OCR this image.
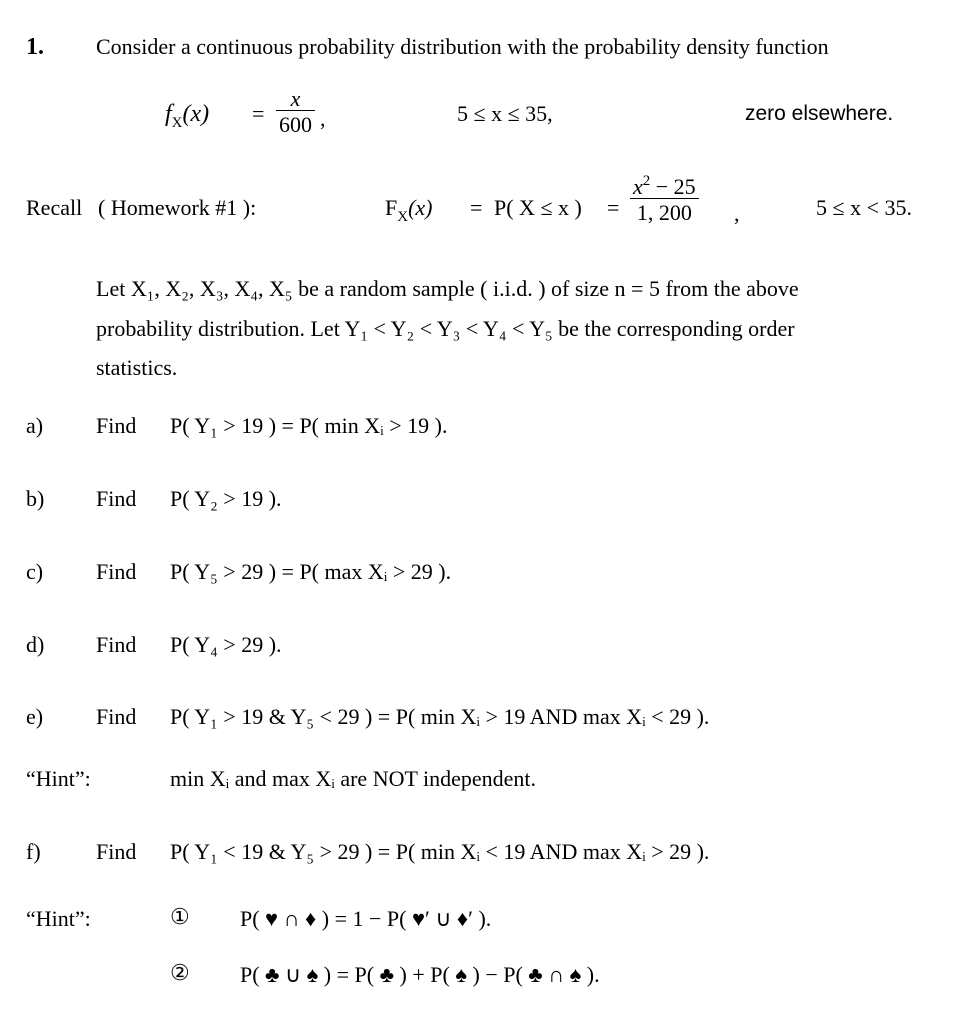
1. Consider a continuous probability distribution with the probability density function
$f_X(x) = \frac{x}{600}$ ,	5 ≤ x ≤ 35,	zero elsewhere.
Recall ( Homework #1 ):	$F_X(x) = P$( X ≤ x ) = $\frac{x^2 - 25}{1, 200}$ ,	5 ≤ x < 35.
Let X₁, X₂, X₃, X₄, X₅ be a random sample ( i.i.d. ) of size n = 5 from the above
probability distribution. Let Y₁ < Y₂ < Y₃ < Y₄ < Y₅ be the corresponding order
statistics.
a) Find P( Y₁ > 19 ) = P( min Xᵢ > 19 ).
b) Find P( Y₂ > 19 ).
c) Find P( Y₅ > 29 ) = P( max Xᵢ > 29 ).
d) Find P( Y₄ > 29 ).
e) Find P( Y₁ > 19 & Y₅ < 29 ) = P( min Xᵢ > 19 AND max Xᵢ < 29 ).
“Hint”:	min Xᵢ and max Xᵢ are NOT independent.
f)	Find P( Y₁ < 19 & Y₅ > 29 ) = P( min Xᵢ < 19 AND max Xᵢ > 29 ).
“Hint”:	① P( ♥ ∩ ♦ ) = 1 − P( ♥′ ∪ ♦′ ).
② P( ♣ ∪ ♠ ) = P( ♣ ) + P( ♠ ) − P( ♣ ∩ ♠ ).
